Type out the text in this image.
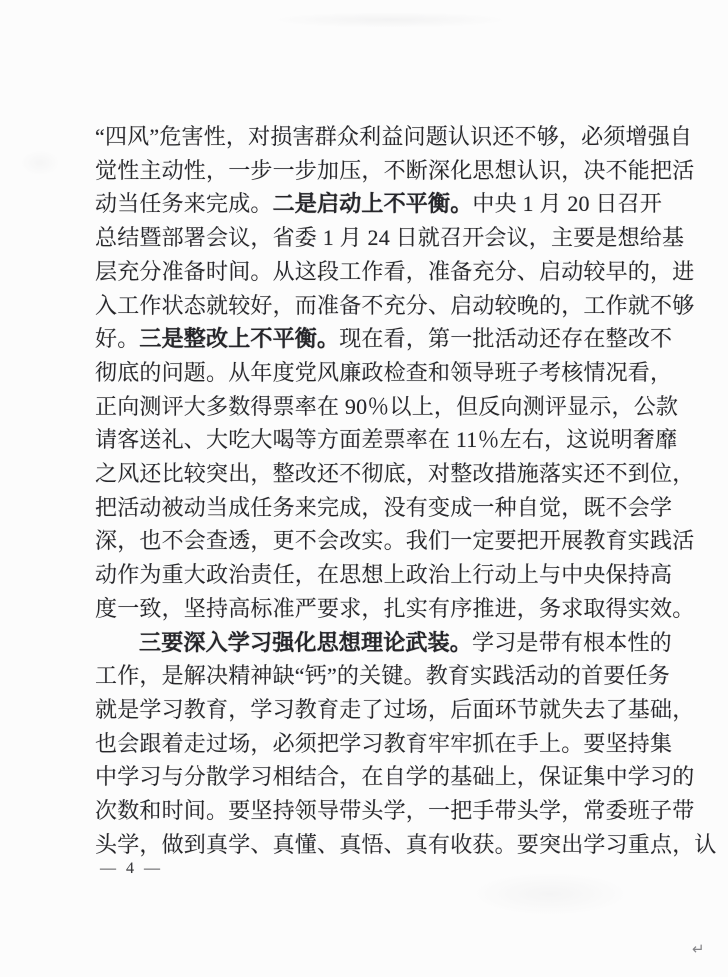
“四风”危害性，对损害群众利益问题认识还不够，必须增强自
觉性主动性，一步一步加压，不断深化思想认识，决不能把活
动当任务来完成。二是启动上不平衡。中央 1 月 20 日召开
总结暨部署会议，省委 1 月 24 日就召开会议，主要是想给基
层充分准备时间。从这段工作看，准备充分、启动较早的，进
入工作状态就较好，而准备不充分、启动较晚的，工作就不够
好。三是整改上不平衡。现在看，第一批活动还存在整改不
彻底的问题。从年度党风廉政检查和领导班子考核情况看，
正向测评大多数得票率在 90％以上，但反向测评显示，公款
请客送礼、大吃大喝等方面差票率在 11％左右，这说明奢靡
之风还比较突出，整改还不彻底，对整改措施落实还不到位，
把活动被动当成任务来完成，没有变成一种自觉，既不会学
深，也不会查透，更不会改实。我们一定要把开展教育实践活
动作为重大政治责任，在思想上政治上行动上与中央保持高
度一致，坚持高标准严要求，扎实有序推进，务求取得实效。
三要深入学习强化思想理论武装。学习是带有根本性的
工作，是解决精神缺“钙”的关键。教育实践活动的首要任务
就是学习教育，学习教育走了过场，后面环节就失去了基础，
也会跟着走过场，必须把学习教育牢牢抓在手上。要坚持集
中学习与分散学习相结合，在自学的基础上，保证集中学习的
次数和时间。要坚持领导带头学，一把手带头学，常委班子带
头学，做到真学、真懂、真悟、真有收获。要突出学习重点，认
— 4 —
↵
